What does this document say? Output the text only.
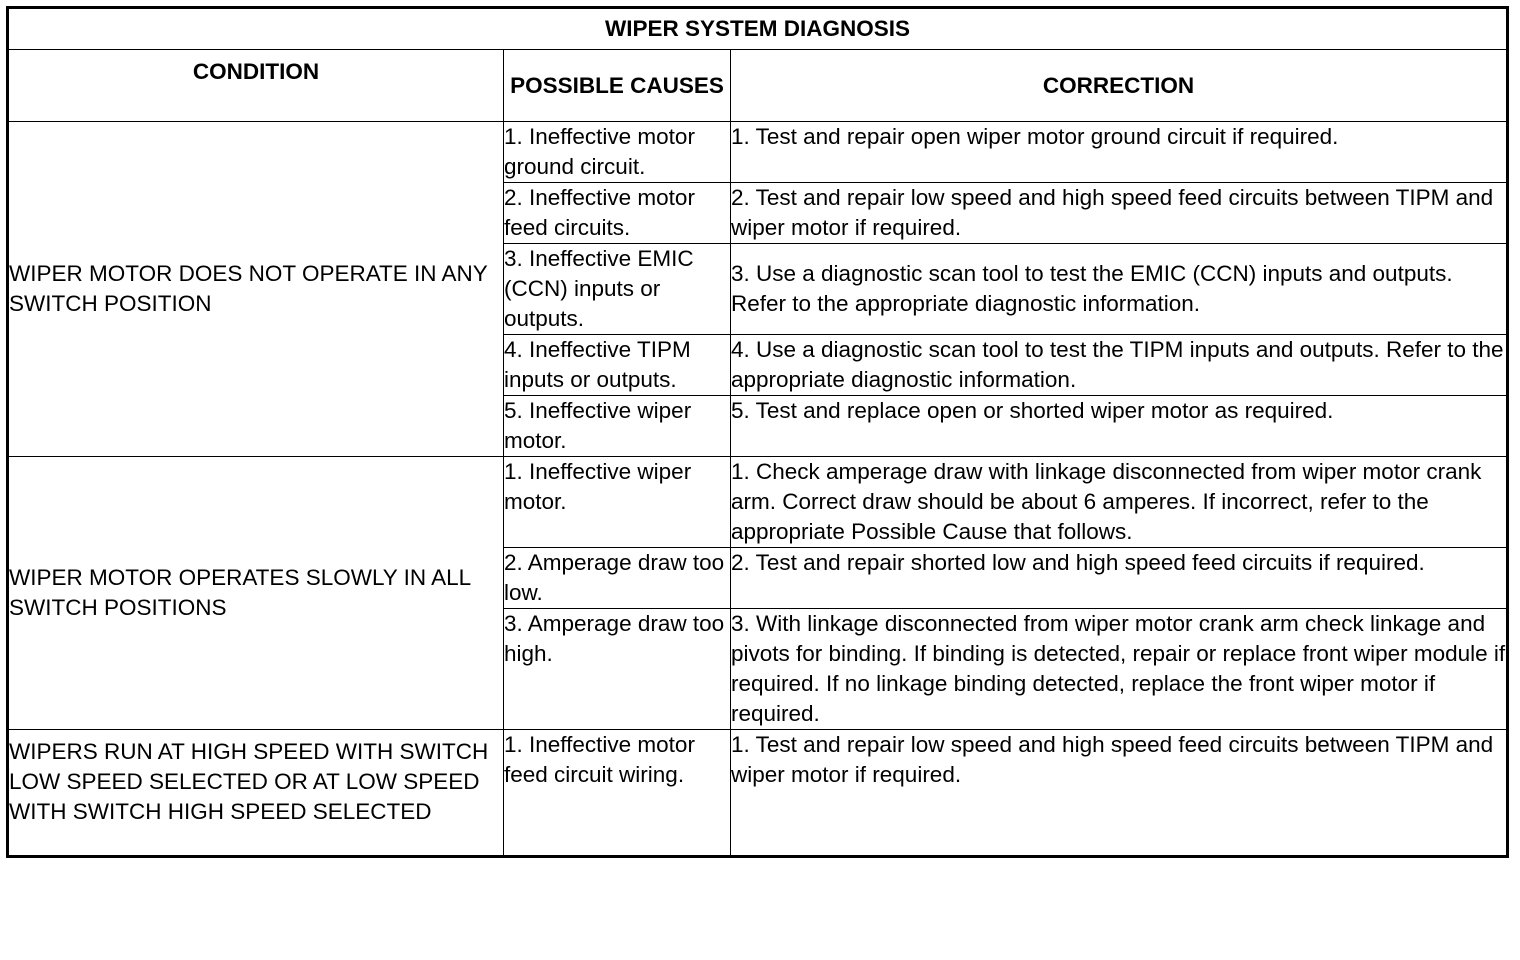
WIPER SYSTEM DIAGNOSIS		
CONDITION	POSSIBLE CAUSES	CORRECTION
WIPER MOTOR DOES NOT OPERATE IN ANY SWITCH POSITION	1. Ineffective motor ground circuit.	1. Test and repair open wiper motor ground circuit if required.
	2. Ineffective motor feed circuits.	2. Test and repair low speed and high speed feed circuits between TIPM and wiper motor if required.
	3. Ineffective EMIC (CCN) inputs or outputs.	3. Use a diagnostic scan tool to test the EMIC (CCN) inputs and outputs. Refer to the appropriate diagnostic information.
	4. Ineffective TIPM inputs or outputs.	4. Use a diagnostic scan tool to test the TIPM inputs and outputs. Refer to the appropriate diagnostic information.
	5. Ineffective wiper motor.	5. Test and replace open or shorted wiper motor as required.
WIPER MOTOR OPERATES SLOWLY IN ALL SWITCH POSITIONS	1. Ineffective wiper motor.	1. Check amperage draw with linkage disconnected from wiper motor crank arm. Correct draw should be about 6 amperes. If incorrect, refer to the appropriate Possible Cause that follows.
	2. Amperage draw too low.	2. Test and repair shorted low and high speed feed circuits if required.
	3. Amperage draw too high.	3. With linkage disconnected from wiper motor crank arm check linkage and pivots for binding. If binding is detected, repair or replace front wiper module if required. If no linkage binding detected, replace the front wiper motor if required.
WIPERS RUN AT HIGH SPEED WITH SWITCH LOW SPEED SELECTED OR AT LOW SPEED WITH SWITCH HIGH SPEED SELECTED	1. Ineffective motor feed circuit wiring.	1. Test and repair low speed and high speed feed circuits between TIPM and wiper motor if required.
